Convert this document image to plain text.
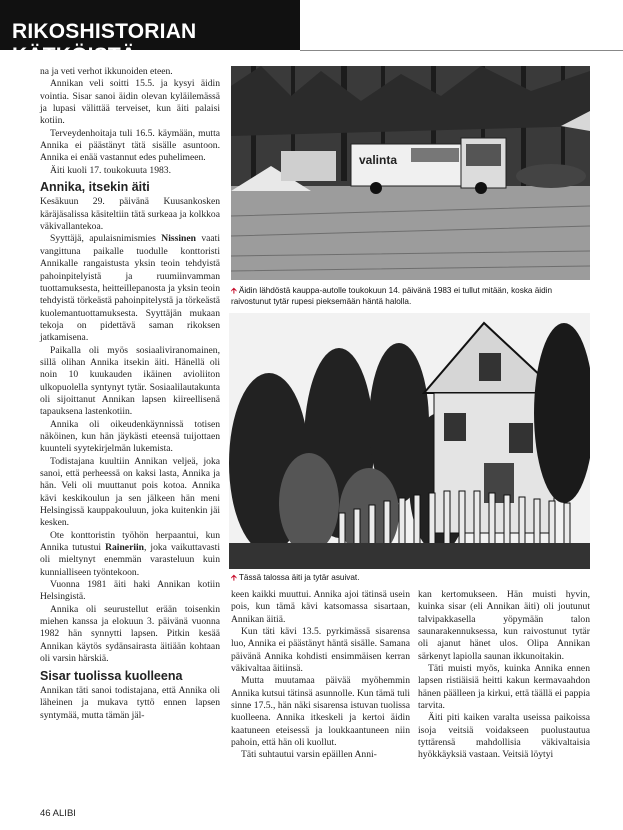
RIKOSHISTORIAN KÄTKÖISTÄ

na ja veti verhot ikkunoiden eteen.

Annikan veli soitti 15.5. ja kysyi äidin vointia. Sisar sanoi äidin olevan kyläilemässä ja lupasi välittää terveiset, kun äiti palaisi kotiin.

Terveydenhoitaja tuli 16.5. käymään, mutta Annika ei päästänyt tätä sisälle asuntoon. Annika ei enää vastannut edes puhelimeen.

Äiti kuoli 17. toukokuuta 1983.

Annika, itsekin äiti

Kesäkuun 29. päivänä Kuusankosken käräjäsalissa käsiteltiin tätä surkeaa ja kolkkoa väkivallantekoa.

Syyttäjä, apulaisnimismies Nissinen vaati vangittuna paikalle tuodulle konttoristi Annikalle rangaistusta yksin teoin tehdyistä pahoinpitelyistä ja ruumiinvamman tuottamuksesta, heitteillepanosta ja yksin teoin tehdyistä törkeästä pahoinpitelystä ja törkeästä kuolemantuottamuksesta. Syyttäjän mukaan tekoja on pidettävä saman rikoksen jatkamisena.

Paikalla oli myös sosiaaliviranomainen, sillä olihan Annika itsekin äiti. Hänellä oli noin 10 kuukauden ikäinen avioliiton ulkopuolella syntynyt tytär. Sosiaalilautakunta oli sijoittanut Annikan lapsen kiireellisenä tapauksena lastenkotiin.

Annika oli oikeudenkäynnissä totisen näköinen, kun hän jäykästi eteensä tuijottaen kuunteli syytekirjelmän lukemista.

Todistajana kuultiin Annikan veljeä, joka sanoi, että perheessä on kaksi lasta, Annika ja hän. Veli oli muuttanut pois kotoa. Annika kävi keskikoulun ja sen jälkeen hän meni Helsingissä kauppakouluun, joka kuitenkin jäi kesken.

Ote konttoristin työhön herpaantui, kun Annika tutustui Raineriin, joka vaikuttavasti oli mieltynyt enemmän varasteluun kuin kunnialliseen työntekoon.

Vuonna 1981 äiti haki Annikan kotiin Helsingistä.

Annika oli seurustellut erään toisenkin miehen kanssa ja elokuun 3. päivänä vuonna 1982 hän synnytti lapsen. Pitkin kesää Annikan käytös sydänsairasta äitiään kohtaan oli varsin härskiä.

Sisar tuolissa kuolleena

Annikan täti sanoi todistajana, että Annika oli läheinen ja mukava tyttö ennen lapsen syntymää, mutta tämän jäl-

valinta
🡩 Äidin lähdöstä kauppa-autolle toukokuun 14. päivänä 1983 ei tullut mitään, koska äidin raivostunut tytär rupesi pieksemään häntä halolla.
🡩 Tässä talossa äiti ja tytär asuivat.

keen kaikki muuttui. Annika ajoi tätinsä usein pois, kun tämä kävi katsomassa sisartaan, Annikan äitiä.

Kun täti kävi 13.5. pyrkimässä sisarensa luo, Annika ei päästänyt häntä sisälle. Samana päivänä Annika kohdisti ensimmäisen kerran väkivaltaa äitiinsä.

Mutta muutamaa päivää myöhemmin Annika kutsui tätinsä asunnolle. Kun tämä tuli sinne 17.5., hän näki sisarensa istuvan tuolissa kuolleena. Annika itkeskeli ja kertoi äidin kaatuneen eteisessä ja loukkaantuneen niin pahoin, että hän oli kuollut.

Täti suhtautui varsin epäillen Anni-

kan kertomukseen. Hän muisti hyvin, kuinka sisar (eli Annikan äiti) oli joutunut talvipakkasella yöpymään talon saunarakennuksessa, kun raivostunut tytär oli ajanut hänet ulos. Olipa Annikan särkenyt lapiolla saunan ikkunoitakin.

Täti muisti myös, kuinka Annika ennen lapsen ristiäisiä heitti kakun kermavaahdon hänen päälleen ja kirkui, että täällä ei pappia tarvita.

Äiti piti kaiken varalta useissa paikoissa isoja veitsiä voidakseen puolustautua tyttärensä mahdollisia väkivaltaisia hyökkäyksiä vastaan. Veitsiä löytyi

46 ALIBI
